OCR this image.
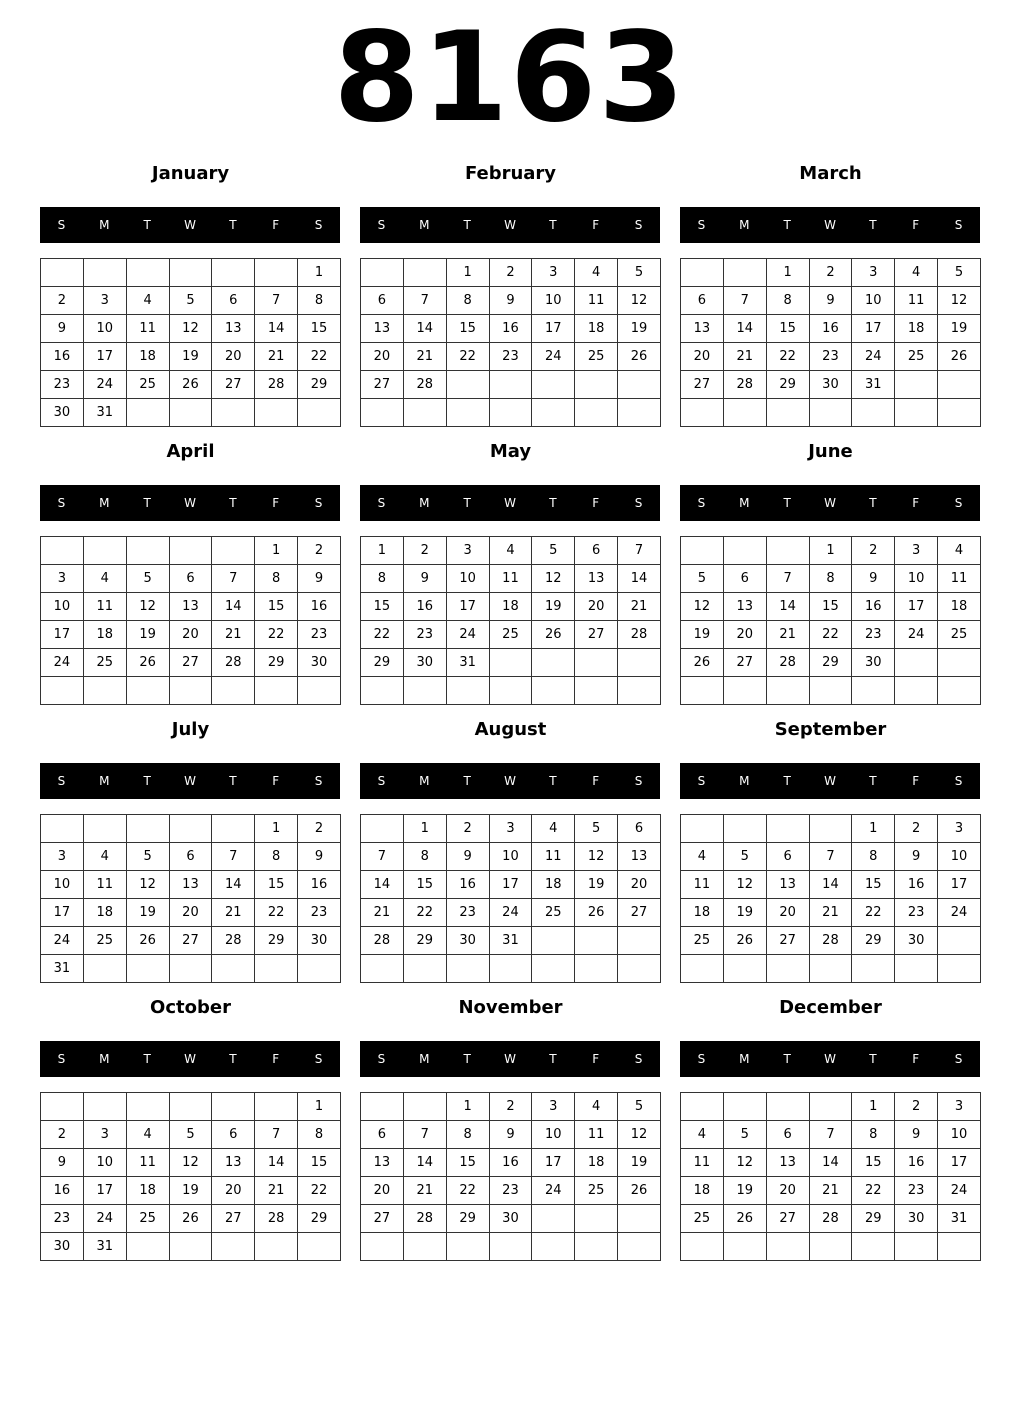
8163
January
S	M	T	W	T	F	S
						1
2	3	4	5	6	7	8
9	10	11	12	13	14	15
16	17	18	19	20	21	22
23	24	25	26	27	28	29
30	31					
February
S	M	T	W	T	F	S
		1	2	3	4	5
6	7	8	9	10	11	12
13	14	15	16	17	18	19
20	21	22	23	24	25	26
27	28					

March
S	M	T	W	T	F	S
		1	2	3	4	5
6	7	8	9	10	11	12
13	14	15	16	17	18	19
20	21	22	23	24	25	26
27	28	29	30	31		

April
S	M	T	W	T	F	S
					1	2
3	4	5	6	7	8	9
10	11	12	13	14	15	16
17	18	19	20	21	22	23
24	25	26	27	28	29	30

May
S	M	T	W	T	F	S
1	2	3	4	5	6	7
8	9	10	11	12	13	14
15	16	17	18	19	20	21
22	23	24	25	26	27	28
29	30	31				

June
S	M	T	W	T	F	S
			1	2	3	4
5	6	7	8	9	10	11
12	13	14	15	16	17	18
19	20	21	22	23	24	25
26	27	28	29	30		

July
S	M	T	W	T	F	S
					1	2
3	4	5	6	7	8	9
10	11	12	13	14	15	16
17	18	19	20	21	22	23
24	25	26	27	28	29	30
31						
August
S	M	T	W	T	F	S
	1	2	3	4	5	6
7	8	9	10	11	12	13
14	15	16	17	18	19	20
21	22	23	24	25	26	27
28	29	30	31			

September
S	M	T	W	T	F	S
				1	2	3
4	5	6	7	8	9	10
11	12	13	14	15	16	17
18	19	20	21	22	23	24
25	26	27	28	29	30	

October
S	M	T	W	T	F	S
						1
2	3	4	5	6	7	8
9	10	11	12	13	14	15
16	17	18	19	20	21	22
23	24	25	26	27	28	29
30	31					
November
S	M	T	W	T	F	S
		1	2	3	4	5
6	7	8	9	10	11	12
13	14	15	16	17	18	19
20	21	22	23	24	25	26
27	28	29	30			

December
S	M	T	W	T	F	S
				1	2	3
4	5	6	7	8	9	10
11	12	13	14	15	16	17
18	19	20	21	22	23	24
25	26	27	28	29	30	31
